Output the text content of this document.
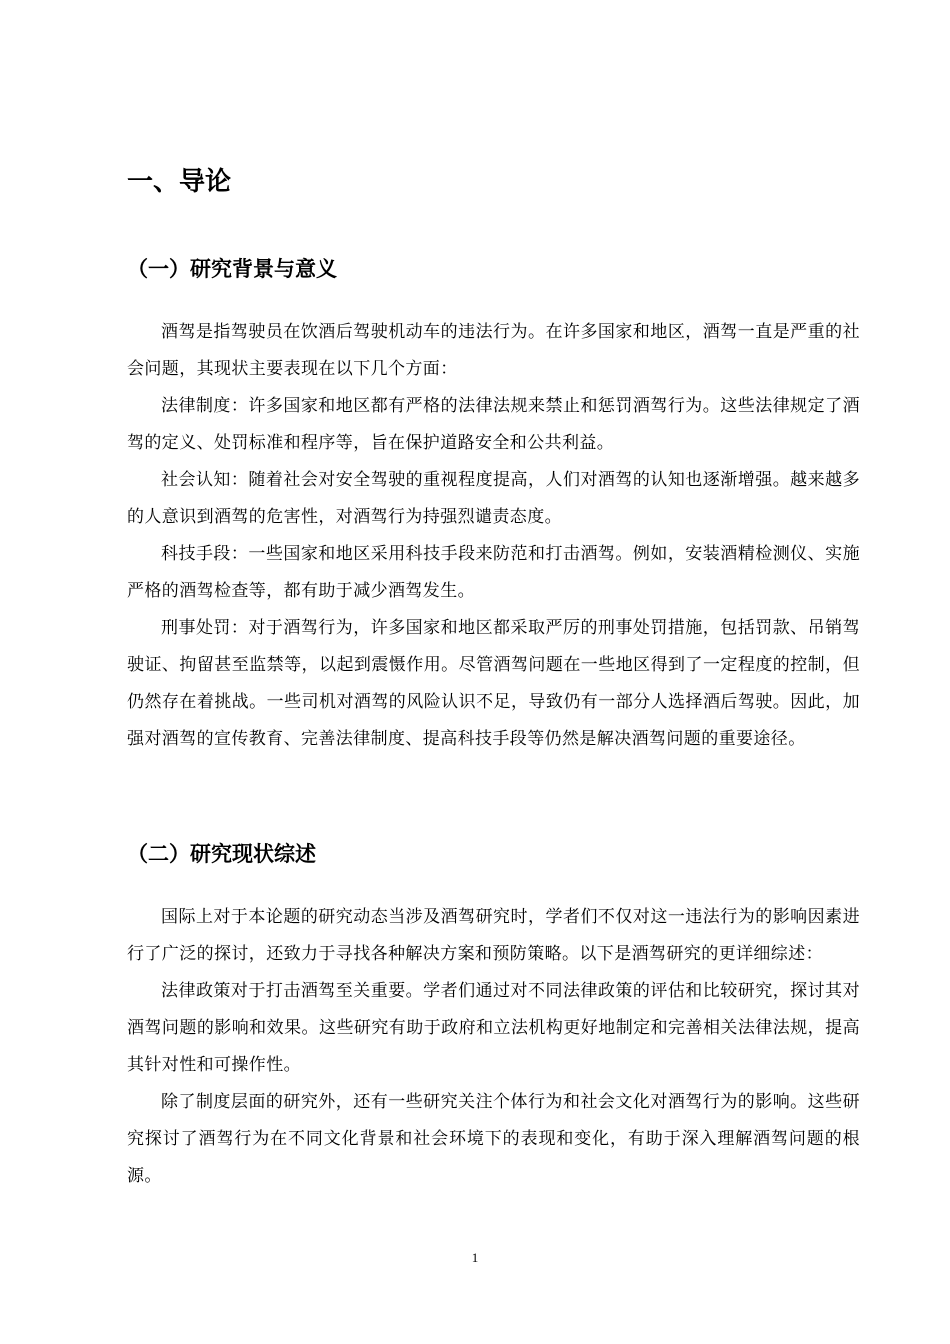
一、导论
（一）研究背景与意义

酒驾是指驾驶员在饮酒后驾驶机动车的违法行为。在许多国家和地区，酒驾一直是严重的社会问题，其现状主要表现在以下几个方面：

法律制度：许多国家和地区都有严格的法律法规来禁止和惩罚酒驾行为。这些法律规定了酒驾的定义、处罚标准和程序等，旨在保护道路安全和公共利益。

社会认知：随着社会对安全驾驶的重视程度提高，人们对酒驾的认知也逐渐增强。越来越多的人意识到酒驾的危害性，对酒驾行为持强烈谴责态度。

科技手段：一些国家和地区采用科技手段来防范和打击酒驾。例如，安装酒精检测仪、实施严格的酒驾检查等，都有助于减少酒驾发生。

刑事处罚：对于酒驾行为，许多国家和地区都采取严厉的刑事处罚措施，包括罚款、吊销驾驶证、拘留甚至监禁等，以起到震慑作用。尽管酒驾问题在一些地区得到了一定程度的控制，但仍然存在着挑战。一些司机对酒驾的风险认识不足，导致仍有一部分人选择酒后驾驶。因此，加强对酒驾的宣传教育、完善法律制度、提高科技手段等仍然是解决酒驾问题的重要途径。

（二）研究现状综述

国际上对于本论题的研究动态当涉及酒驾研究时，学者们不仅对这一违法行为的影响因素进行了广泛的探讨，还致力于寻找各种解决方案和预防策略。以下是酒驾研究的更详细综述：

法律政策对于打击酒驾至关重要。学者们通过对不同法律政策的评估和比较研究，探讨其对酒驾问题的影响和效果。这些研究有助于政府和立法机构更好地制定和完善相关法律法规，提高其针对性和可操作性。

除了制度层面的研究外，还有一些研究关注个体行为和社会文化对酒驾行为的影响。这些研究探讨了酒驾行为在不同文化背景和社会环境下的表现和变化，有助于深入理解酒驾问题的根源。

1
